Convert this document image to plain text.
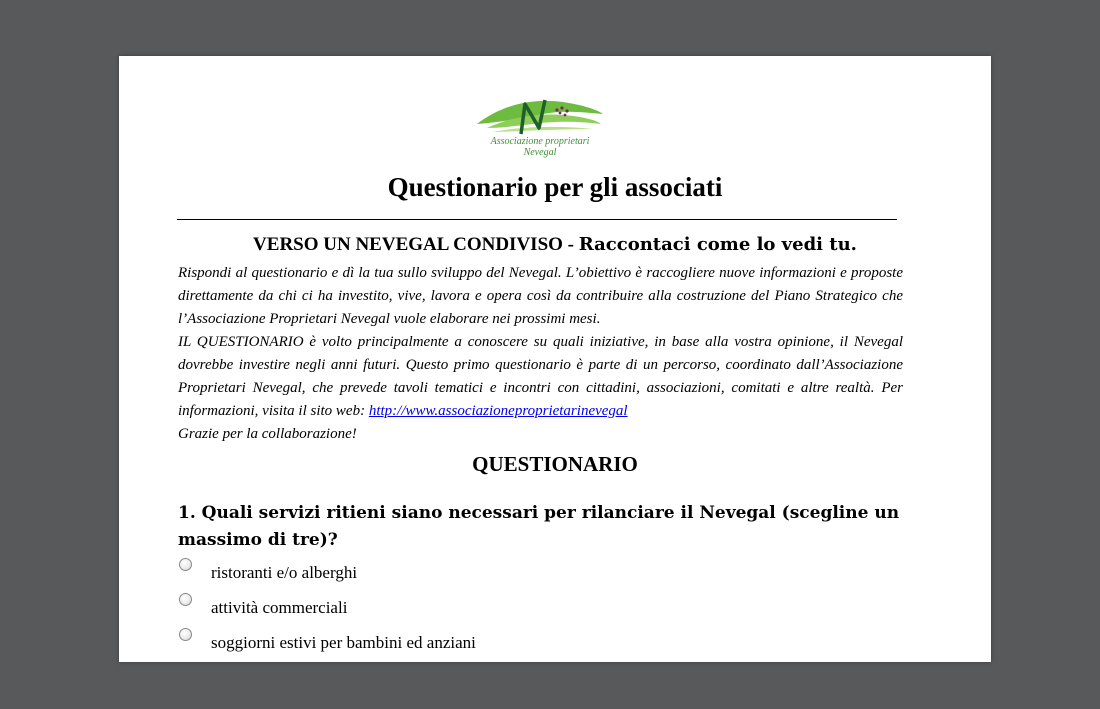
Associazione proprietari
Nevegal
Questionario per gli associati
VERSO UN NEVEGAL CONDIVISO - Raccontaci come lo vedi tu.

Rispondi al questionario e dì la tua sullo sviluppo del Nevegal. L’obiettivo è raccogliere nuove informazioni e proposte direttamente da chi ci ha investito, vive, lavora e opera così da contribuire alla costruzione del Piano Strategico che l’Associazione Proprietari Nevegal vuole elaborare nei prossimi mesi.

IL QUESTIONARIO è volto principalmente a conoscere su quali iniziative, in base alla vostra opinione, il Nevegal dovrebbe investire negli anni futuri. Questo primo questionario è parte di un percorso, coordinato dall’Associazione Proprietari Nevegal, che prevede tavoli tematici e incontri con cittadini, associazioni, comitati e altre realtà. Per informazioni, visita il sito web: http://www.associazioneproprietarinevegal

Grazie per la collaborazione!

QUESTIONARIO
1. Quali servizi ritieni siano necessari per rilanciare il Nevegal (scegline un massimo di tre)?
ristoranti e/o alberghi
attività commerciali
soggiorni estivi per bambini ed anziani
